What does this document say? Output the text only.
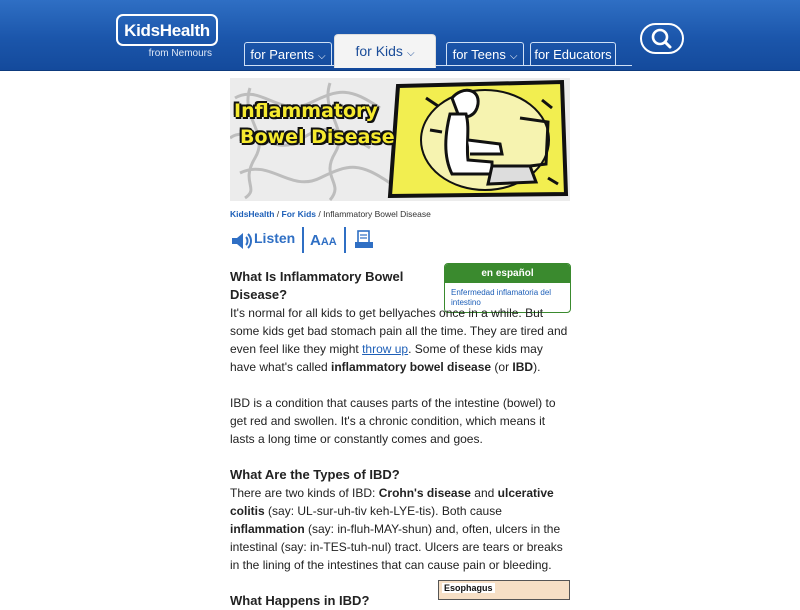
KidsHealth
from Nemours	for Parents ⌵	for Kids ⌵	for Teens ⌵	for Educators
Inflammatory
Bowel Disease
KidsHealth / For Kids / Inflammatory Bowel Disease
Listen AAA
en español
Enfermedad inflamatoria del intestino
What Is Inflammatory Bowel Disease?

It's normal for all kids to get bellyaches once in a while. But some kids get bad stomach pain all the time. They are tired and even feel like they might throw up. Some of these kids may have what's called inflammatory bowel disease (or IBD).

IBD is a condition that causes parts of the intestine (bowel) to get red and swollen. It's a chronic condition, which means it lasts a long time or constantly comes and goes.

What Are the Types of IBD?

There are two kinds of IBD: Crohn's disease and ulcerative colitis (say: UL-sur-uh-tiv keh-LYE-tis). Both cause inflammation (say: in-fluh-MAY-shun) and, often, ulcers in the intestinal (say: in-TES-tuh-nul) tract. Ulcers are tears or breaks in the lining of the intestines that can cause pain or bleeding.

What Happens in IBD?
Esophagus
